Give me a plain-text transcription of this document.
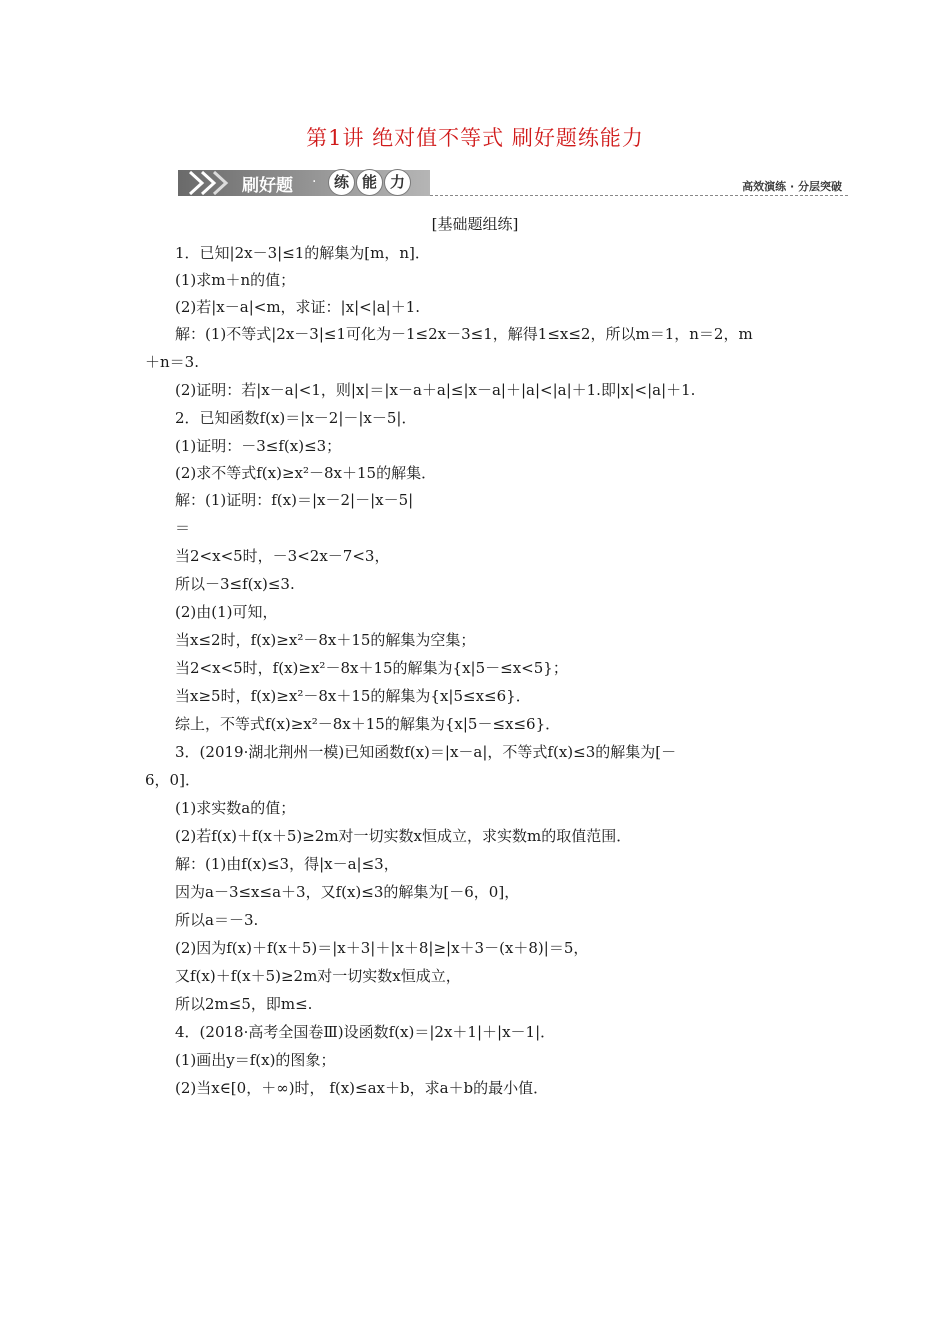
第1讲 绝对值不等式 刷好题练能力
刷好题 ·	练 能 力	高效演练 · 分层突破
[基础题组练]
1．已知|2x－3|≤1的解集为[m，n]．
(1)求m＋n的值；
(2)若|x－a|<m，求证：|x|<|a|＋1.
解：(1)不等式|2x－3|≤1可化为－1≤2x－3≤1，解得1≤x≤2，所以m＝1，n＝2，m
＋n＝3.
(2)证明：若|x－a|<1，则|x|＝|x－a＋a|≤|x－a|＋|a|<|a|＋1.即|x|<|a|＋1.
2．已知函数f(x)＝|x－2|－|x－5|．
(1)证明：－3≤f(x)≤3；
(2)求不等式f(x)≥x²－8x＋15的解集．
解：(1)证明：f(x)＝|x－2|－|x－5|
＝
当2<x<5时，－3<2x－7<3，
所以－3≤f(x)≤3.
(2)由(1)可知，
当x≤2时，f(x)≥x²－8x＋15的解集为空集；
当2<x<5时，f(x)≥x²－8x＋15的解集为{x|5－≤x<5}；
当x≥5时，f(x)≥x²－8x＋15的解集为{x|5≤x≤6}．
综上，不等式f(x)≥x²－8x＋15的解集为{x|5－≤x≤6}．
3．(2019·湖北荆州一模)已知函数f(x)＝|x－a|，不等式f(x)≤3的解集为[－
6，0]．
(1)求实数a的值；
(2)若f(x)＋f(x＋5)≥2m对一切实数x恒成立，求实数m的取值范围．
解：(1)由f(x)≤3，得|x－a|≤3，
因为a－3≤x≤a＋3，又f(x)≤3的解集为[－6，0]，
所以a＝－3.
(2)因为f(x)＋f(x＋5)＝|x＋3|＋|x＋8|≥|x＋3－(x＋8)|＝5，
又f(x)＋f(x＋5)≥2m对一切实数x恒成立，
所以2m≤5，即m≤.
4．(2018·高考全国卷Ⅲ)设函数f(x)＝|2x＋1|＋|x－1|．
(1)画出y＝f(x)的图象；
(2)当x∈[0，＋∞)时， f(x)≤ax＋b，求a＋b的最小值．
